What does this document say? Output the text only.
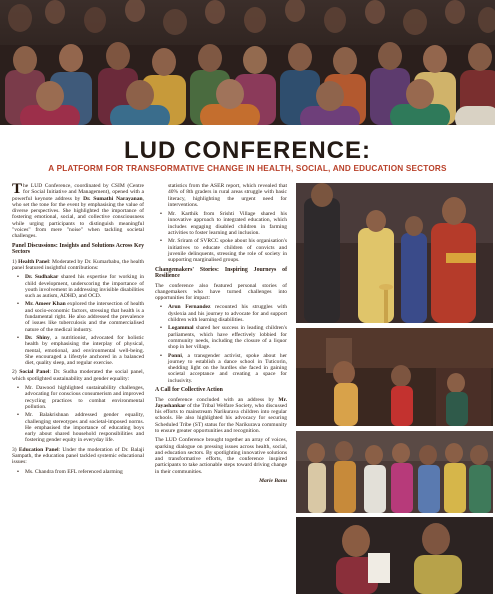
LUD CONFERENCE:
A PLATFORM FOR TRANSFORMATIVE CHANGE IN HEALTH, SOCIAL, AND EDUCATION SECTORS

The LUD Conference, coordinated by CSIM (Centre for Social Initiative and Management), opened with a powerful keynote address by Dr. Sumathi Narayanan, who set the tone for the event by emphasising the value of diverse perspectives. She highlighted the importance of fostering emotional, social, and collective consciousness while urging participants to distinguish meaningful "voices" from mere "noise" when tackling societal challenges.

Panel Discussions: Insights and Solutions Across Key Sectors

1) Health Panel: Moderated by Dr. Kumarbabu, the health panel featured insightful contributions:

• Dr. Sudhakar shared his expertise for working in child development, underscoring the importance of youth involvement in addressing invisible disabilities such as autism, ADHD, and OCD.
• Mr. Ameer Khan explored the intersection of health and socio-economic factors, stressing that health is a fundamental right. He also addressed the prevalence of issues like tuberculosis and the commercialised nature of the medical industry.
• Dr. Shiny, a nutritionist, advocated for holistic health by emphasising the interplay of physical, mental, emotional, and environmental well-being. She encouraged a lifestyle anchored in a balanced diet, quality sleep, and regular exercise.

2) Social Panel: Dr. Sudha moderated the social panel, which spotlighted sustainability and gender equality:

• Mr. Dawood highlighted sustainability challenges, advocating for conscious consumerism and improved recycling practices to combat environmental pollution.
• Mr. Balakrishnan addressed gender equality, challenging stereotypes and societal-imposed norms. He emphasised the importance of educating boys early about shared household responsibilities and fostering gender equity in everyday life.

3) Education Panel: Under the moderation of Dr. Balaji Sampath, the education panel tackled systemic educational issues:

• Ms. Chandra from EFL referenced alarming

statistics from the ASER report, which revealed that 40% of 8th graders in rural areas struggle with basic literacy, highlighting the urgent need for interventions.

• Mr. Karthik from Srishti Village shared his innovative approach to integrated education, which includes engaging disabled children in farming activities to foster learning and inclusion.
• Mr. Sriram of SVRCC spoke about his organisation's initiatives to educate children of convicts and juvenile delinquents, stressing the role of society in supporting marginalised groups.
Changemakers' Stories: Inspiring Journeys of Resilience

The conference also featured personal stories of changemakers who have turned challenges into opportunities for impact:

• Arun Fernandez recounted his struggles with dyslexia and his journey to advocate for and support children with learning disabilities.
• Logammal shared her success in leading children's parliaments, which have effectively lobbied for community needs, including the closure of a liquor shop in her village.
• Ponni, a transgender activist, spoke about her journey to establish a dance school in Tuticorin, shedding light on the hurdles she faced in gaining societal acceptance and creating a space for inclusivity.
A Call for Collective Action

The conference concluded with an address by Mr. Jayashankar of the Tribal Welfare Society, who discussed his efforts to mainstream Narikurava children into regular schools. He also highlighted his advocacy for securing Scheduled Tribe (ST) status for the Narikurava community to ensure greater opportunities and recognition.

The LUD Conference brought together an array of voices, sparking dialogue on pressing issues across health, social, and education sectors. By spotlighting innovative solutions and transformative efforts, the conference inspired participants to take actionable steps toward driving change in their communities.

Marie Banu
